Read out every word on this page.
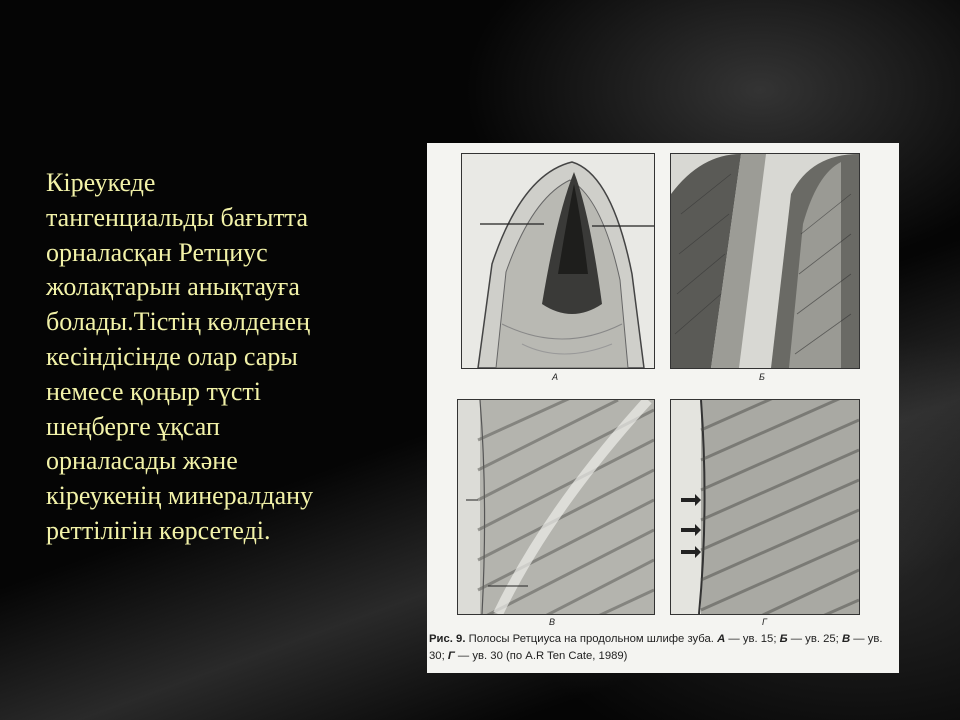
Кіреукеде
тангенциальды бағытта
орналасқан Ретциус
жолақтарын анықтауға
болады.Тістің көлденең
кесіндісінде олар сары
немесе қоңыр түсті
шеңберге ұқсап
орналасады және
кіреукенің минералдану
реттілігін көрсетеді.

А	Б
В	Г

Рис. 9. Полосы Ретциуса на продольном шлифе зуба. А — ув. 15; Б — ув. 25; В — ув. 30; Г — ув. 30 (по A.R Ten Cate, 1989)
